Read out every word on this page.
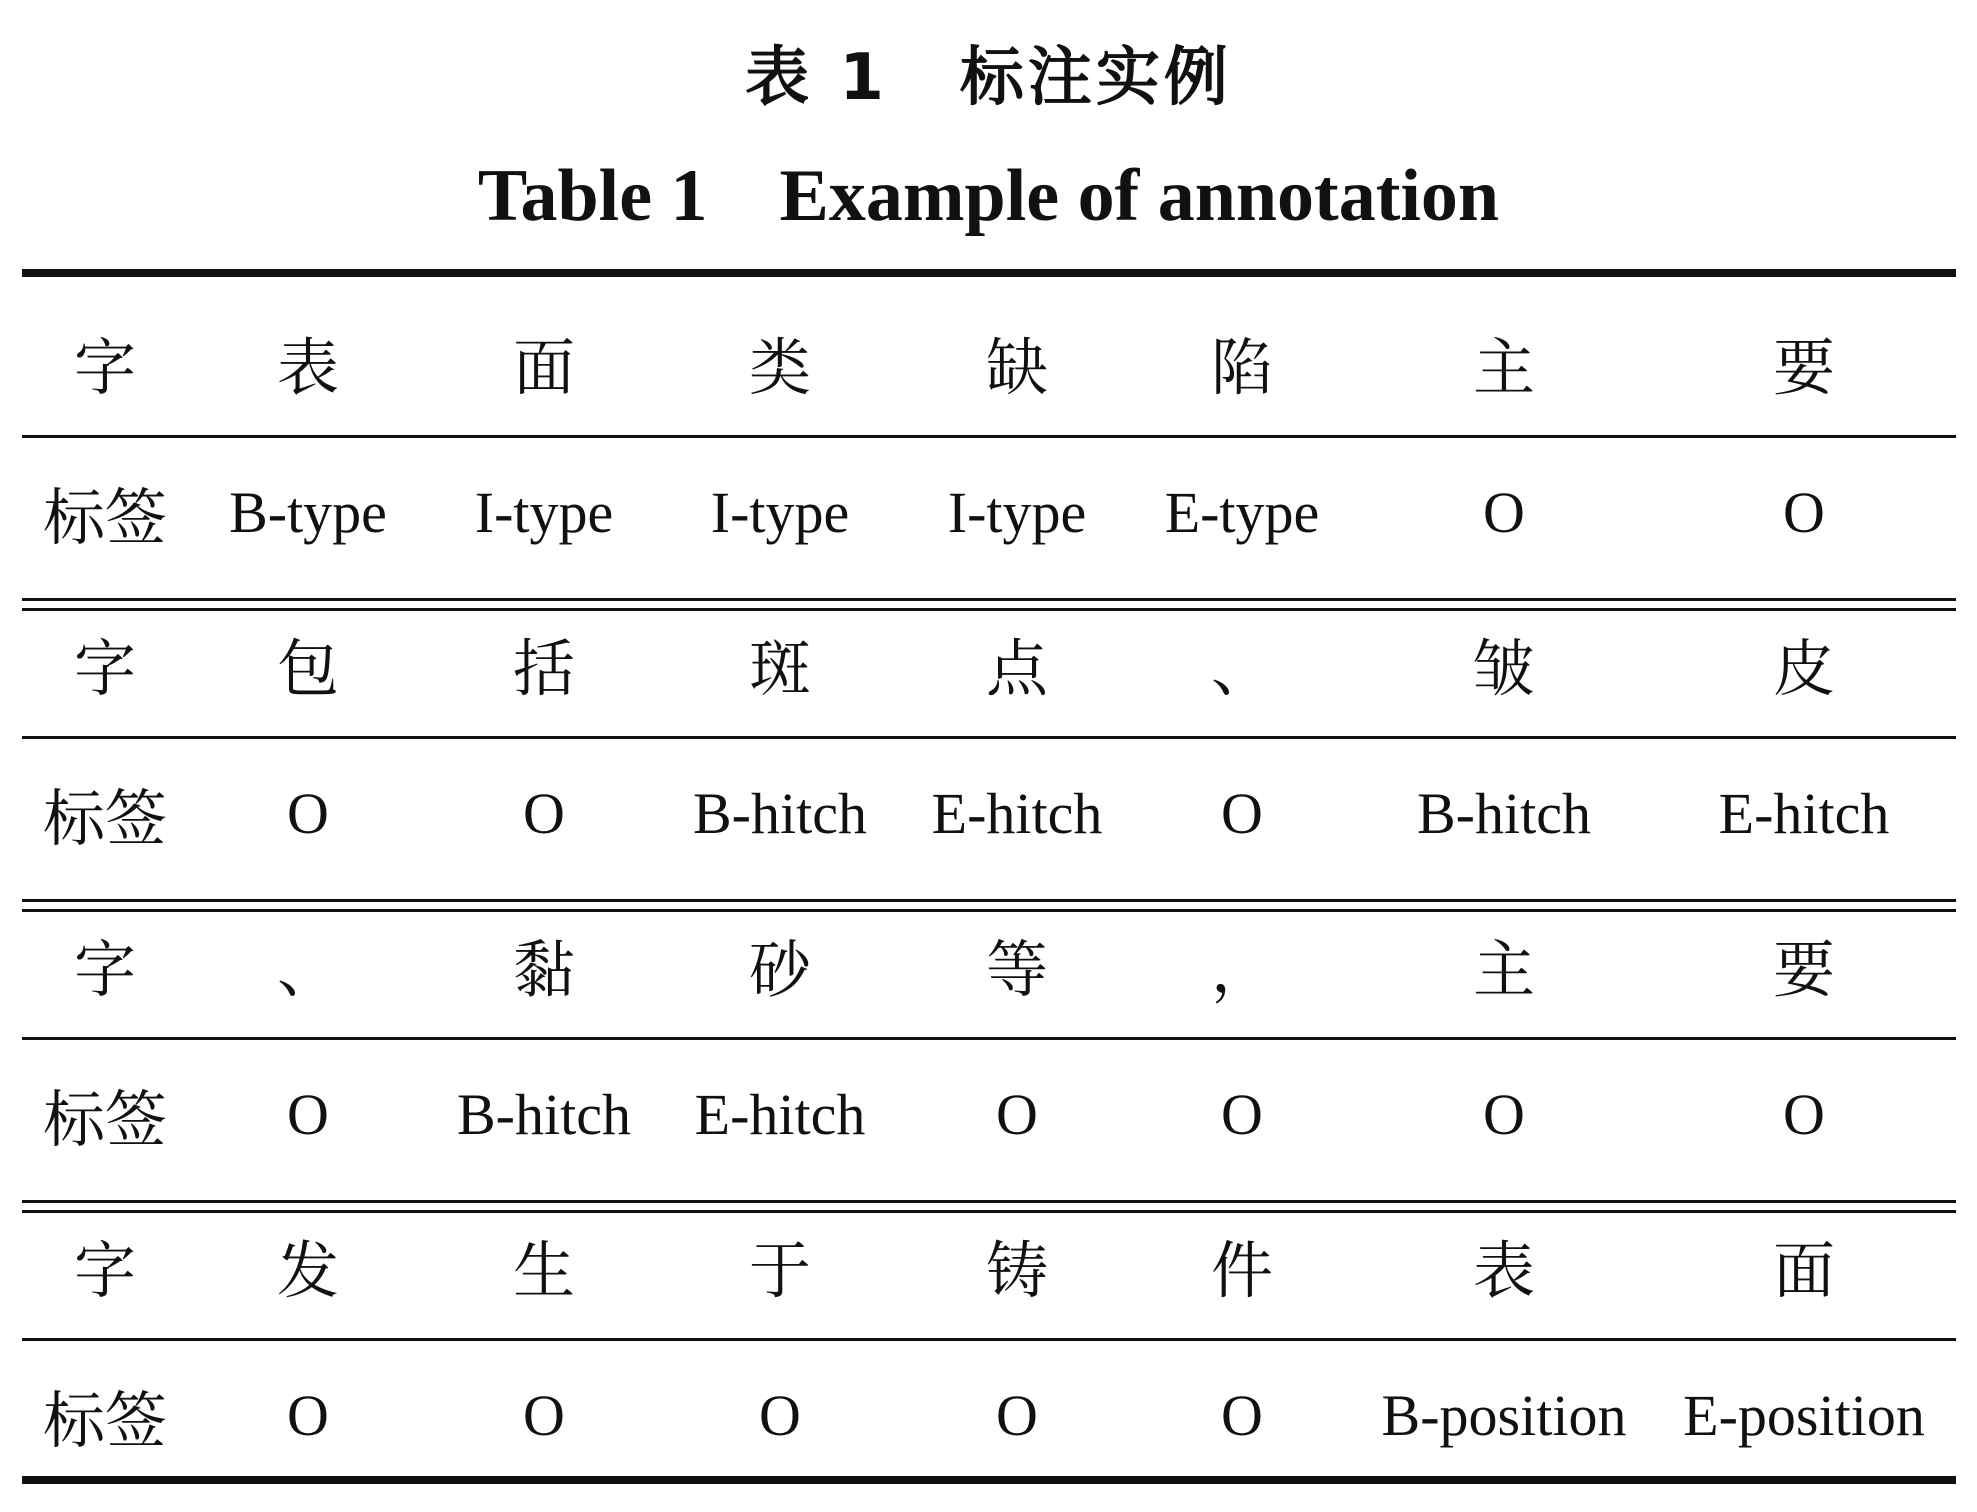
表 1 标注实例
Table 1 Example of annotation
字	表	面	类	缺	陷	主	要
标签	B-type	I-type	I-type	I-type	E-type	O	O
字	包	括	斑	点	、	皱	皮
标签	O	O	B-hitch	E-hitch	O	B-hitch	E-hitch
字	、	黏	砂	等	，	主	要
标签	O	B-hitch	E-hitch	O	O	O	O
字	发	生	于	铸	件	表	面
标签	O	O	O	O	O	B-position E-position
